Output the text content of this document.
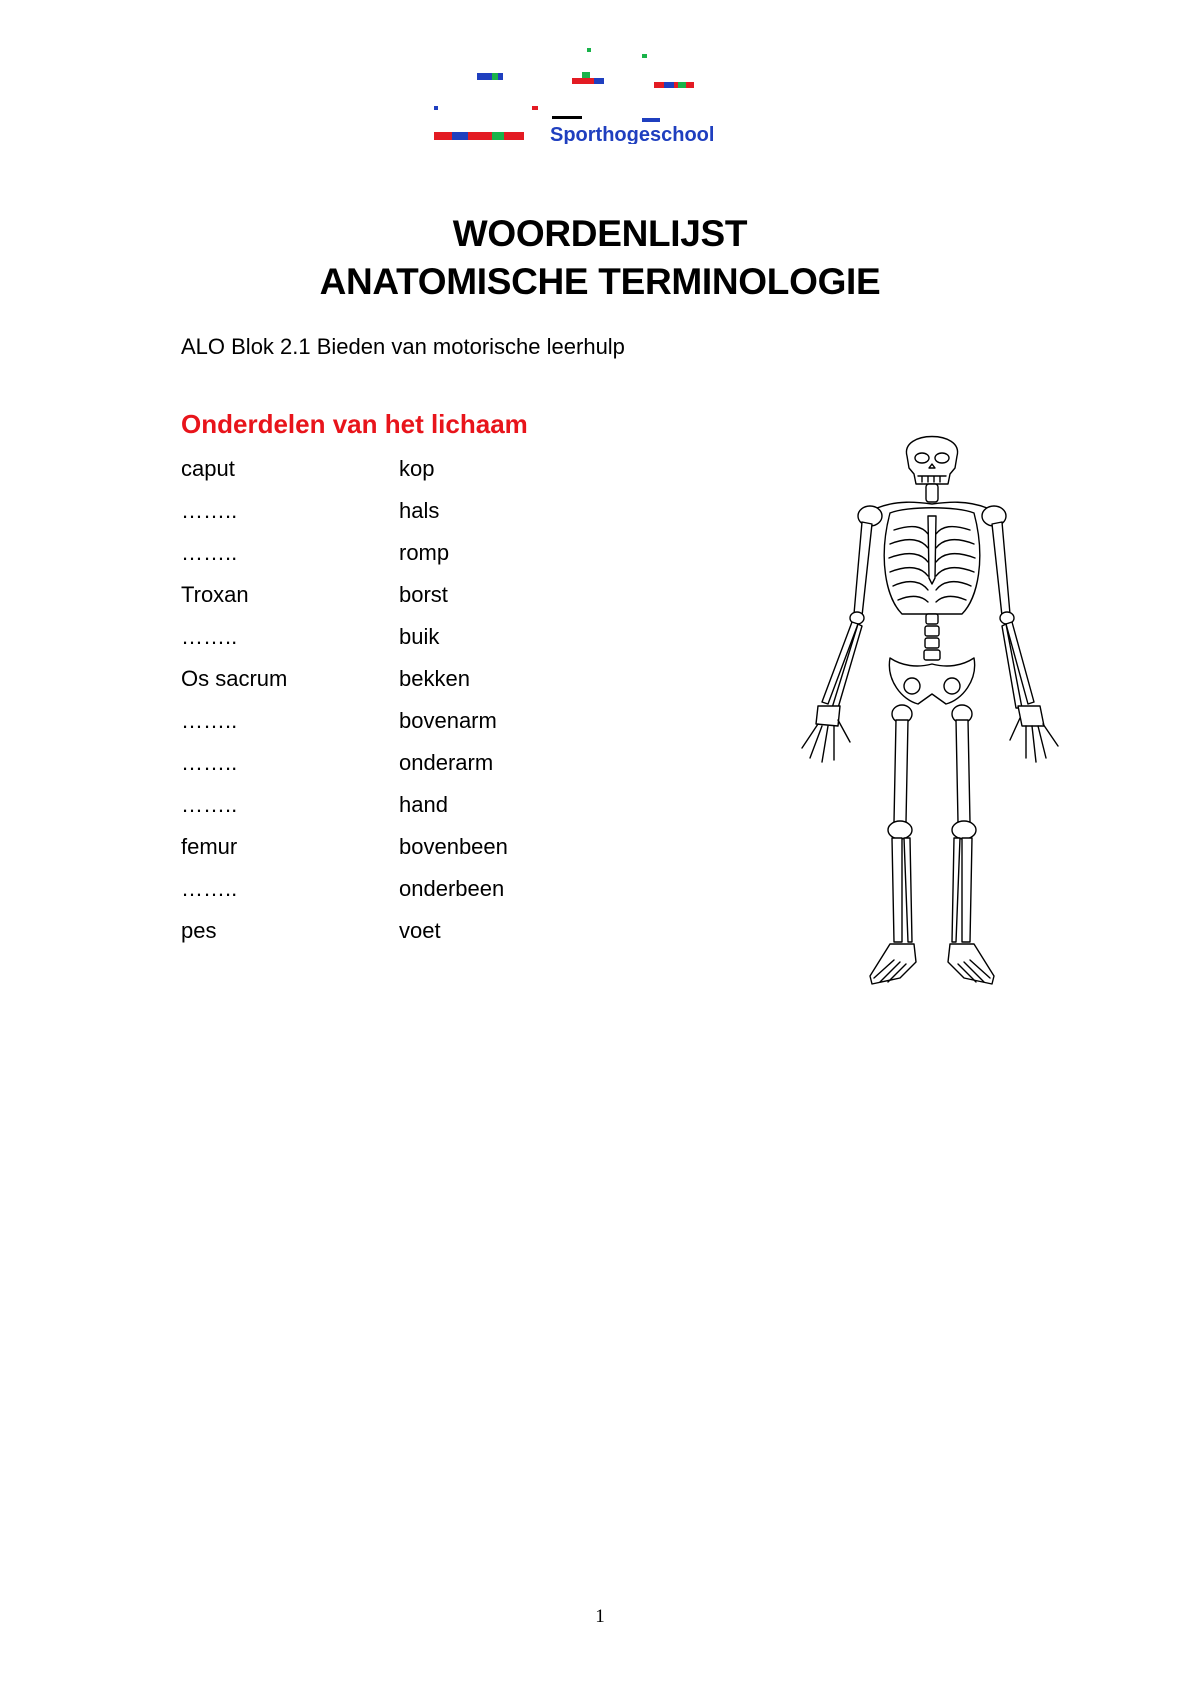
Sporthogeschool
WOORDENLIJST
ANATOMISCHE TERMINOLOGIE
ALO Blok 2.1 Bieden van motorische leerhulp
Onderdelen van het lichaam
caput	kop
……..	hals
……..	romp
Troxan	borst
……..	buik
Os sacrum	bekken
……..	bovenarm
……..	onderarm
……..	hand
femur	bovenbeen
……..	onderbeen
pes	voet
1
